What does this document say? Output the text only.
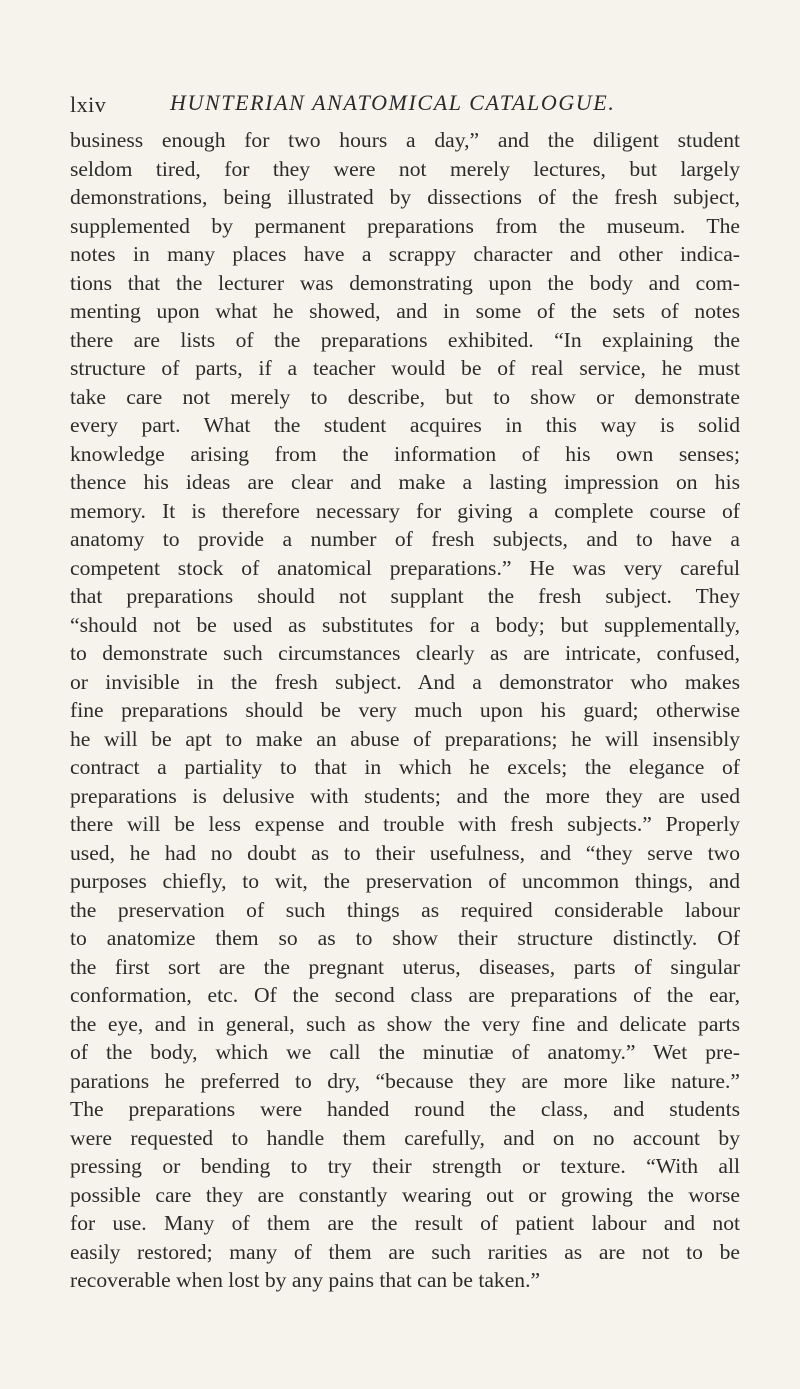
lxiv	HUNTERIAN ANATOMICAL CATALOGUE.
business enough for two hours a day,” and the diligent student
seldom tired, for they were not merely lectures, but largely
demonstrations, being illustrated by dissections of the fresh subject,
supplemented by permanent preparations from the museum. The
notes in many places have a scrappy character and other indica-
tions that the lecturer was demonstrating upon the body and com-
menting upon what he showed, and in some of the sets of notes
there are lists of the preparations exhibited. “In explaining the
structure of parts, if a teacher would be of real service, he must
take care not merely to describe, but to show or demonstrate
every part. What the student acquires in this way is solid
knowledge arising from the information of his own senses;
thence his ideas are clear and make a lasting impression on his
memory. It is therefore necessary for giving a complete course of
anatomy to provide a number of fresh subjects, and to have a
competent stock of anatomical preparations.” He was very careful
that preparations should not supplant the fresh subject. They
“should not be used as substitutes for a body; but supplementally,
to demonstrate such circumstances clearly as are intricate, confused,
or invisible in the fresh subject. And a demonstrator who makes
fine preparations should be very much upon his guard; otherwise
he will be apt to make an abuse of preparations; he will insensibly
contract a partiality to that in which he excels; the elegance of
preparations is delusive with students; and the more they are used
there will be less expense and trouble with fresh subjects.” Properly
used, he had no doubt as to their usefulness, and “they serve two
purposes chiefly, to wit, the preservation of uncommon things, and
the preservation of such things as required considerable labour
to anatomize them so as to show their structure distinctly. Of
the first sort are the pregnant uterus, diseases, parts of singular
conformation, etc. Of the second class are preparations of the ear,
the eye, and in general, such as show the very fine and delicate parts
of the body, which we call the minutiæ of anatomy.” Wet pre-
parations he preferred to dry, “because they are more like nature.”
The preparations were handed round the class, and students
were requested to handle them carefully, and on no account by
pressing or bending to try their strength or texture. “With all
possible care they are constantly wearing out or growing the worse
for use. Many of them are the result of patient labour and not
easily restored; many of them are such rarities as are not to be
recoverable when lost by any pains that can be taken.”
